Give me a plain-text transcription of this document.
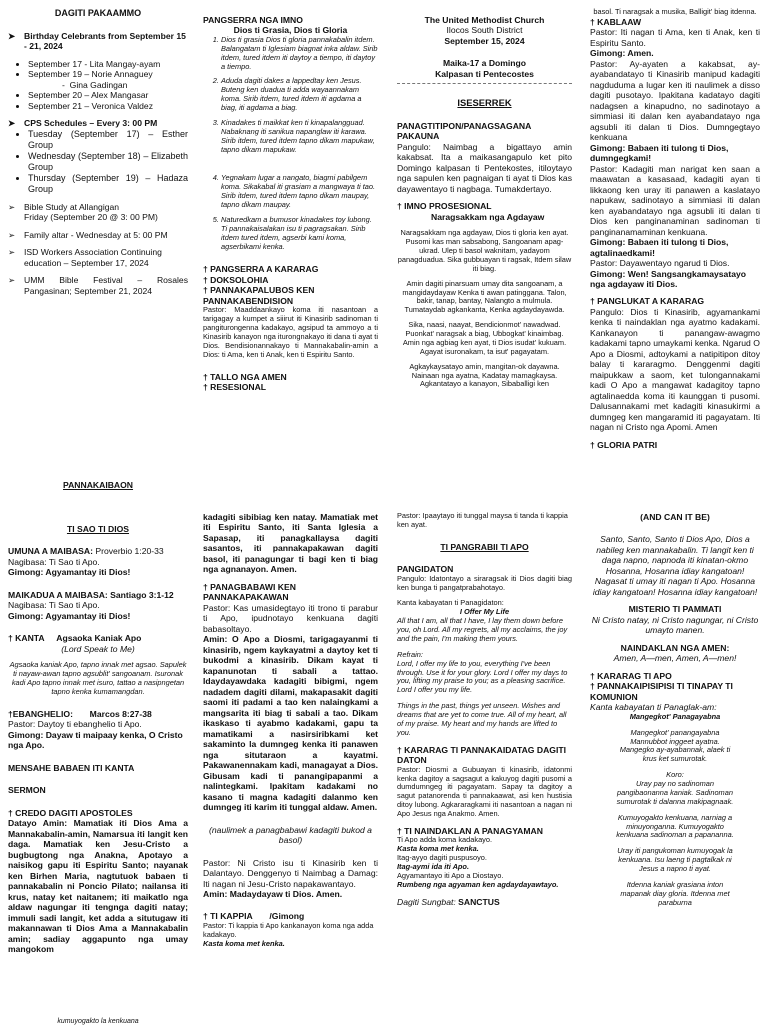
DAGITI PAKAAMMO
➤	Birthday Celebrants from September 15 - 21, 2024
• September 17 - Lita Mangay-ayam
• September 19 – Norie Annaguey
-  Gina Gadingan
• September 20 – Alex Mangasar
• September 21 – Veronica Valdez
➤	CPS Schedules – Every 3: 00 PM
• Tuesday (September 17) – Esther Group
• Wednesday (September 18) – Elizabeth Group
• Thursday (September 19) – Hadaza Group
➢	Bible Study at Allangigan
Friday (September 20 @ 3: 00 PM)
➢	Family altar - Wednesday at 5: 00 PM
➢	ISD Workers Association Continuing education – September 17, 2024
➢	UMM Bible Festival – Rosales Pangasinan; September 21, 2024
PANNAKAIBAON
PANGSERRA NGA IMNO
Dios ti Grasia, Dios ti Gloria
1. Dios ti grasia Dios ti gloria pannakabalin itdem. Balangatam ti Iglesiam biagnat inka aldaw. Sirib itdem, tured itdem iti daytoy a tiempo, iti daytoy a tiempo.
2. Aduda dagiti dakes a lappedtay ken Jesus. Buteng ken duadua ti adda wayaannakam koma. Sirib itdem, tured itdem iti agdama a biag, iti agdama a biag.
3. Kinadakes ti maikkat ken ti kinapalangguad. Nabaknang iti sanikua napanglaw iti karawa. Sirib itdem, tured itdem tapno dikam mapukaw, tapno dikam mapukaw.
4. Yegnakam lugar a nangato, biagmi pabilgem koma. Sikakabal iti grasiam a mangwaya ti tao. Sirib itdem, tured itdem tapno dikam maupay, tapno dikam maupay.
5. Naturedkam a bumusor kinadakes toy lubong. Ti pannakaisalakan isu ti pagragsakan. Sirib itdem tured itdem, agserbi kami koma, agserbikami kenka.
† PANGSERRA A KARARAG
† DOKSOLOHIA
† PANNAKAPALUBOS KEN PANNAKABENDISION
Pastor: Maaddaankayo koma iti nasantoan a tarigagay a kumpet a siiirut iti Kinasirib sadinoman ti pangiturongenna kadakayo, agsipud ta ammoyo a ti Kinasirib kanayon nga iturongnakayo iti dana ti ayat ti Dios. Bendisionannakayo ti Mannakabalin-amin a Dios: ti Ama, ken ti Anak, ken ti Espiritu Santo.
† TALLO NGA AMEN
† RESESIONAL
The United Methodist Church
Ilocos South District
September 15, 2024
Maika-17 a Domingo
Kalpasan ti Pentecostes
ISESERREK
PANAGTITIPON/PANAGSAGANA PAKAUNA
Pangulo: Naimbag a bigattayo amin kakabsat. Ita a maikasangapulo ket pito Domingo kalpasan ti Pentekostes, itiloytayo nga sapulen ken pagnaigan ti ayat ti Dios kas dayawentayo ti nagbaga. Tumakdertayo.
† IMNO PROSESIONAL
Naragsakkam nga Agdayaw

Naragsakkam nga agdayaw, Dios ti gloria ken ayat. Pusomi kas man sabsabong, Sangoanam apag-ukrad. Ulep ti basol waknitam, yadayom panagduadua. Sika gubbuayan ti ragsak, Itdem silaw iti biag.

Amin dagiti pinarsuam umay dita sangoanam, a mangidaydayaw Kenka ti awan patinggana. Talon, bakir, tanap, bantay, Nalangto a mulmula. Tumataydab agkankanta, Kenka agdaydayawda.

Sika, naasi, naayat, Bendicionmot' nawadwad. Puonkat' naragsak a biag, Ubbogkat' kinaimbag. Amin nga agbiag ken ayat, ti Dios isudat' kukuam. Agayat isuronakam, ta isut' pagayatam.

Agkaykaysatayo amin, mangitan-ok dayawna. Nainaan nga ayatna, Kadatay mamagkaysa. Agkantatayo a kanayon, Sibaballigi ken

basol. Ti naragsak a musika, Balligit' biag itdenna.
† KABLAAW
Pastor: Iti nagan ti Ama, ken ti Anak, ken ti Espiritu Santo.
Gimong: Amen.
Pastor: Ay-ayaten a kakabsat, ay-ayabandatayo ti Kinasirib manipud kadagiti nagduduma a lugar ken iti naulimek a disso dagiti pusotayo. Ipakitana kadatayo dagiti nadagsen a kinapudno, no sadinotayo a simmiasi iti dalan ken ayabandatayo nga agsubli iti dalan ti Dios. Dumngegtayo kenkuana
Gimong: Babaen iti tulong ti Dios, dumngegkami!
Pastor: Kadagiti man narigat ken saan a maawatan a kasasaad, kadagiti ayan ti likkaong ken uray iti panawen a kaslatayo napukaw, sadinotayo a simmiasi iti dalan ken ayabandatayo nga agsubli iti dalan ti Dios ken panginanaminan sadinoman ti panginanamaminan kenkuana.
Gimong: Babaen iti tulong ti Dios, agtalinaedkami!
Pastor: Dayawentayo ngarud ti Dios.
Gimong: Wen! Sangsangkamaysatayo nga agdayaw iti Dios.
† PANGLUKAT A KARARAG
Pangulo: Dios ti Kinasirib, agyamankami kenka ti naindaklan nga ayatmo kadakami. Kankanayon ti panangaw-awagmo kadakami tapno umaykami kenka. Ngarud O Apo a Diosmi, adtoykami a natipitipon ditoy balay ti kararagmo. Denggenmi dagiti maipukkaw a saom, ket tulongannakami kadi O Apo a mangawat kadagitoy tapno agtalinaedda koma iti kaunggan ti pusomi. Dalusannakami met kadagiti kinasukirmi a dumngeg ken mangaramid iti pagayatam. Iti nagan ni Cristo nga Apomi. Amen
† GLORIA PATRI
TI SAO TI DIOS
UMUNA A MAIBASA: Proverbio 1:20-33
Nagibasa: Ti Sao ti Apo.
Gimong: Agyamantay iti Dios!
MAIKADUA A MAIBASA: Santiago 3:1-12
Nagibasa: Ti Sao ti Apo.
Gimong: Agyamantay iti Dios!
† KANTA Agsaoka Kaniak Apo
(Lord Speak to Me)
Agsaoka kaniak Apo, tapno innak met agsao. Sapulek ti nayaw-awan tapno agsublit' sangoanam. Isuronak kadi Apo tapno innak met isuro, tattao a nasipngetan tapno kenka kumamangdan.
†EBANGHELIO: Marcos 8:27-38
Pastor: Daytoy ti ebanghelio ti Apo.
Gimong: Dayaw ti maipaay kenka, O Cristo nga Apo.
MENSAHE BABAEN ITI KANTA
SERMON
† CREDO DAGITI APOSTOLES
Datayo Amin: Mamatiak iti Dios Ama a Mannakabalin-amin, Namarsua iti langit ken daga. Mamatiak ken Jesu-Cristo a bugbugtong nga Anakna, Apotayo a naisikog gapu iti Espiritu Santo; nayanak ken Birhen Maria, nagtutuok babaen ti pannakabalin ni Poncio Pilato; nailansa iti krus, natay ket naitanem; iti maikatlo nga aldaw nagungar iti tengnga dagiti natay; immuli sadi langit, ket adda a situtugaw iti makannawan ti Dios Ama a Mannakabalin amin; sadiay aggapunto nga umay mangokom
kumuyogakto la kenkuana
kadagiti sibibiag ken natay. Mamatiak met iti Espiritu Santo, iti Santa Iglesia a Sapasap, iti panagkallaysa dagiti sasantos, iti pannakapakawan dagiti basol, iti panagungar ti bagi ken ti biag nga agnanayon. Amen.
† PANAGBABAWI KEN PANNAKAPAKAWAN
Pastor: Kas umasidegtayo iti trono ti parabur ti Apo, ipudnotayo kenkuana dagiti babasoltayo.
Amin: O Apo a Diosmi, tarigagayanmi ti kinasirib, ngem kaykayatmi a daytoy ket ti bukodmi a kinasirib. Dikam kayat ti kapanunotan ti sabali a tattao. Idaydayawdaka kadagiti bibigmi, ngem nadadem dagiti dilami, makapasakit dagiti saomi iti padami a tao ken nalaingkami a mangsarita iti biag ti sabali a tao. Dikam ikaskaso ti ayabmo kadakami, gapu ta mamatikami a nasirsiribkami ket sakaminto la dumngeg kenka iti panawen nga situtaraon a kayatmi. Pakawanennakam kadi, managayat a Dios. Gibusam kadi ti panangipapanmi a nalintegkami. Ipakitam kadakami no kasano ti magna kadagiti dalanmo ken dumngeg iti karim iti tunggal aldaw. Amen.
(naulimek a panagbabawi kadagiti bukod a basol)
Pastor: Ni Cristo isu ti Kinasirib ken ti Dalantayo. Denggenyo ti Naimbag a Damag: Iti nagan ni Jesu-Cristo napakawantayo.
Amin: Madaydayaw ti Dios. Amen.
† TI KAPPIA /Gimong
Pastor: Ti kappia ti Apo kankanayon koma nga adda kadakayo.
Kasta koma met kenka.
Pastor: Ipaaytayo iti tunggal maysa ti tanda ti kappia ken ayat.
TI PANGRABII TI APO
PANGIDATON
Pangulo: Idatontayo a siraragsak iti Dios dagiti biag ken bunga ti pangatprabahotayo.
Kanta kabayatan ti Panagidaton:
I Offer My Life
All that I am, all that I have, I lay them down before you, oh Lord. All my regrets, all my acclaims, the joy and the pain, I'm making them yours.
Refrain:
Lord, I offer my life to you, everything I've been through. Use it for your glory. Lord I offer my days to you, lifting my praise to you; as a pleasing sacrifice. Lord I offer you my life.
Things in the past, things yet unseen. Wishes and dreams that are yet to come true. All of my heart, all of my praise. My heart and my hands are lifted to you.
† KARARAG TI PANNAKAIDATAG DAGITI DATON
Pastor: Diosmi a Gubuayan ti kinasirib, idatonmi kenka dagitoy a sagsagut a kakuyog dagiti pusomi a dumdumngeg iti pagayatam. Sapay ta dagitoy a sagut patanorenda ti pannakaawat, asi ken hustisia ditoy lubong. Agkararagkami iti nasantoan a nagan ni Apo Jesus nga Anakmo. Amen.
† TI NAINDAKLAN A PANAGYAMAN
Ti Apo adda koma kadakayo.
Kasta koma met kenka.
Itag-ayyo dagiti puspusoyo.
Itag-aymi ida iti Apo.
Agyamantayo iti Apo a Diostayo.
Rumbeng nga agyaman ken agdaydayawtayo.
Dagiti Sungbat: SANCTUS
(AND CAN IT BE)
Santo, Santo, Santo ti Dios Apo, Dios a nabileg ken mannakabalin. Ti langit ken ti daga napno, napnoda iti kinatan-okmo Hosanna, Hosanna idiay kangatoan! Nagasat ti umay iti nagan ti Apo. Hosanna idiay kangatoan! Hosanna idiay kangatoan!
MISTERIO TI PAMMATI
Ni Cristo natay, ni Cristo nagungar, ni Cristo umayto manen.
NAINDAKLAN NGA AMEN:
Amen, A—men, Amen, A—men!
† KARARAG TI APO
† PANNAKAIPISIPISI TI TINAPAY TI KOMUNION
Kanta kabayatan ti Panaglak-am:
Mangegkot' Panagayabna
Mangegkot' panangayabna Mannubbot inggeet ayatna. Mangegko ay-ayabannak, alaek ti krus ket sumurotak.
Koro:
Uray pay no sadinoman pangibaonanna kaniak. Sadinoman sumurotak ti dalanna makipagnaak.
Kumuyogakto kenkuana, narniag a minuyonganna. Kumuyogakto kenkuana sadinoman a papananna.
Uray iti pangukoman kumuyogak la kenkuana. Isu laeng ti pagtalkak ni Jesus a napno ti ayat.
Itdenna kaniak grasiana inton mapanak diay gloria. Itdenna met paraburna
